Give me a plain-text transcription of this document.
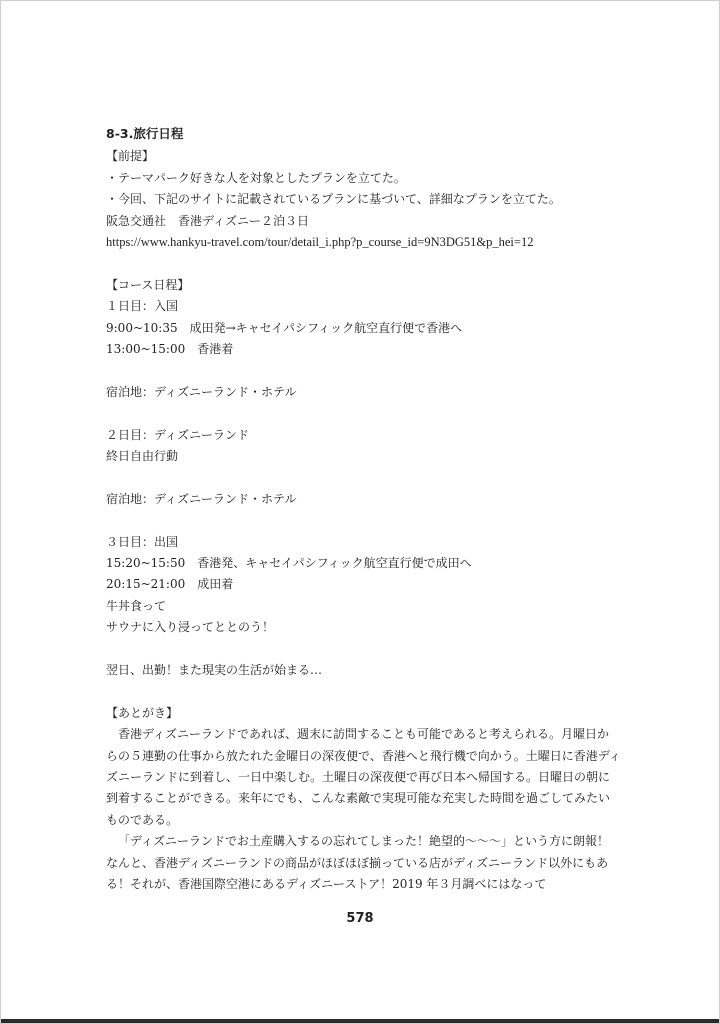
8-3.旅行日程
【前提】
・テーマパーク好きな人を対象としたプランを立てた。
・今回、下記のサイトに記載されているプランに基づいて、詳細なプランを立てた。
阪急交通社　香港ディズニー２泊３日
https://www.hankyu-travel.com/tour/detail_i.php?p_course_id=9N3DG51&p_hei=12
【コース日程】
１日目：入国
9:00~10:35　成田発→キャセイパシフィック航空直行便で香港へ
13:00~15:00　香港着
宿泊地：ディズニーランド・ホテル
２日目：ディズニーランド
終日自由行動
宿泊地：ディズニーランド・ホテル
３日目：出国
15:20~15:50　香港発、キャセイパシフィック航空直行便で成田へ
20:15~21:00　成田着
牛丼食って
サウナに入り浸ってととのう！
翌日、出勤！また現実の生活が始まる…
【あとがき】
香港ディズニーランドであれば、週末に訪問することも可能であると考えられる。月曜日からの５連勤の仕事から放たれた金曜日の深夜便で、香港へと飛行機で向かう。土曜日に香港ディズニーランドに到着し、一日中楽しむ。土曜日の深夜便で再び日本へ帰国する。日曜日の朝に到着することができる。来年にでも、こんな素敵で実現可能な充実した時間を過ごしてみたいものである。
「ディズニーランドでお土産購入するの忘れてしまった！絶望的〜〜〜」という方に朗報！なんと、香港ディズニーランドの商品がほぼほぼ揃っている店がディズニーランド以外にもある！それが、香港国際空港にあるディズニーストア！2019 年３月調べにはなって
578
